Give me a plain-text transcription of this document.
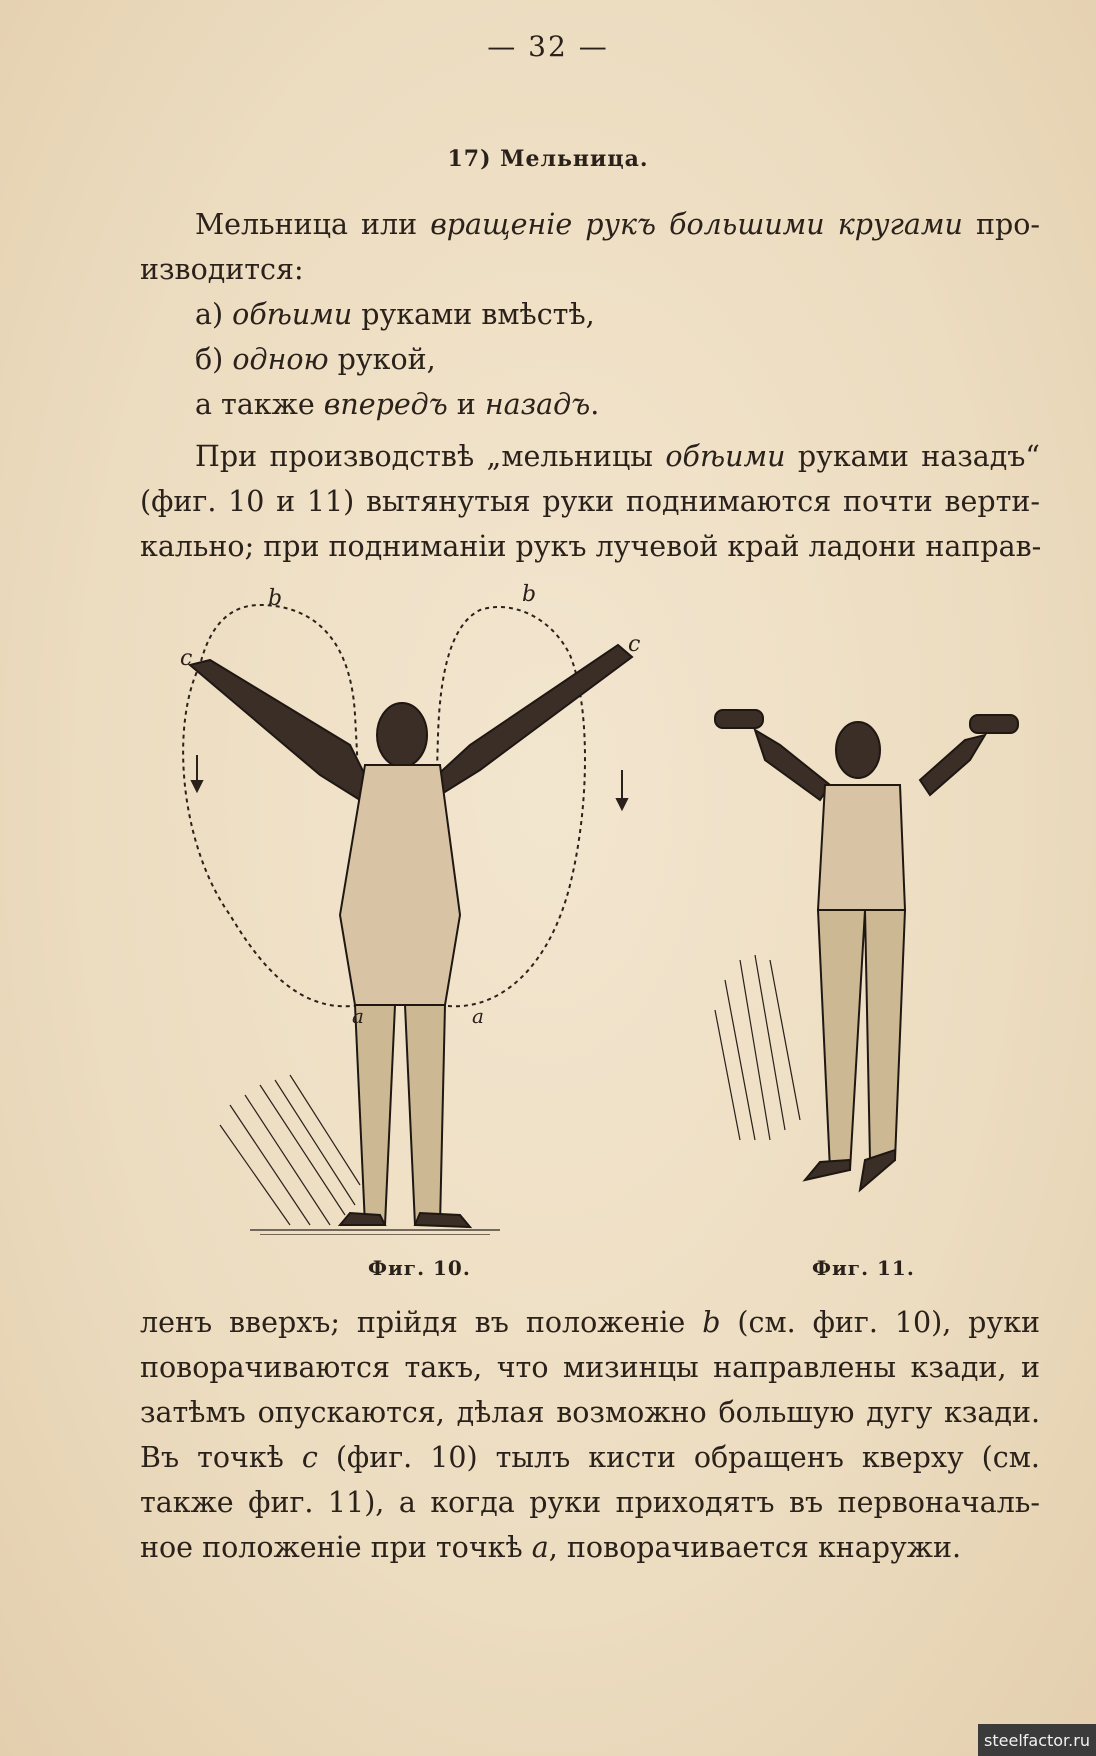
— 32 —
17) Мельница.
Мельница или вращенiе рукъ большими кругами про-
изводится:
а) обѣими руками вмѣстѣ,
б) одною рукой,
а также впередъ и назадъ.
При производствѣ „мельницы обѣими руками назадъ“
(фиг. 10 и 11) вытянутыя руки поднимаются почти верти-
кально; при подниманiи рукъ лучевой край ладони направ-
b	b
c
c
a	a
Фиг. 10.	Фиг. 11.
ленъ вверхъ; прiйдя въ положенiе b (см. фиг. 10), руки
поворачиваются такъ, что мизинцы направлены кзади, и
затѣмъ опускаются, дѣлая возможно большую дугу кзади.
Въ точкѣ c (фиг. 10) тылъ кисти обращенъ кверху (см.
также фиг. 11), а когда руки приходятъ въ первоначаль-
ное положенiе при точкѣ a, поворачивается кнаружи.
steelfactor.ru
